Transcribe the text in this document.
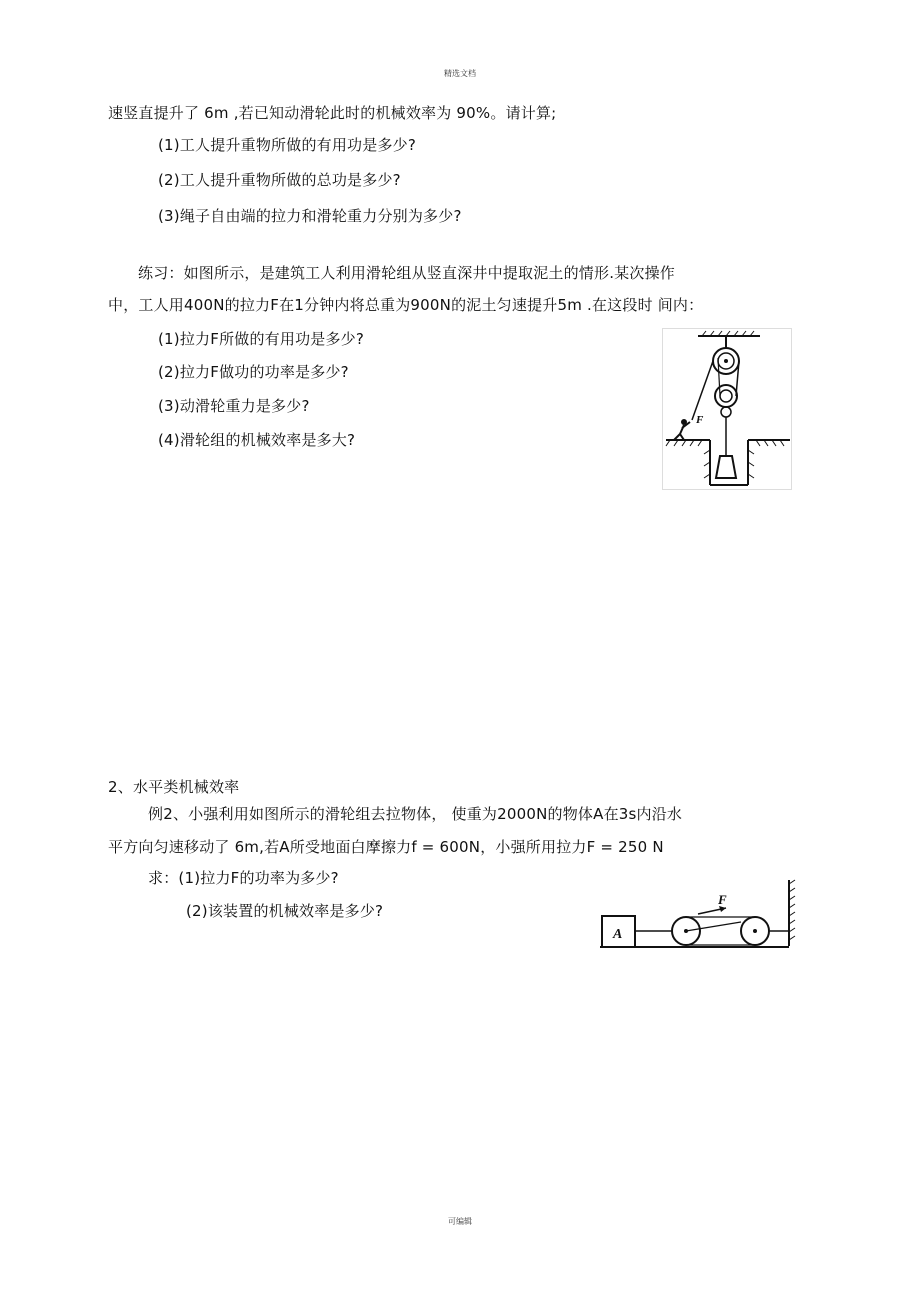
精选文档
速竖直提升了 6m ,若已知动滑轮此时的机械效率为 90%。请计算;
(1)工人提升重物所做的有用功是多少?
(2)工人提升重物所做的总功是多少?
(3)绳子自由端的拉力和滑轮重力分别为多少?
练习：如图所示，是建筑工人利用滑轮组从竖直深井中提取泥土的情形.某次操作
中，工人用400N的拉力F在1分钟内将总重为900N的泥土匀速提升5m .在这段时 间内：
(1)拉力F所做的有用功是多少?
(2)拉力F做功的功率是多少?
(3)动滑轮重力是多少?
(4)滑轮组的机械效率是多大?
F
2、水平类机械效率
例2、小强利用如图所示的滑轮组去拉物体， 使重为2000N的物体A在3s内沿水
平方向匀速移动了 6m,若A所受地面白摩擦力f = 600N，小强所用拉力F = 250 N
求：(1)拉力F的功率为多少?
(2)该装置的机械效率是多少?
A
F
可编辑
